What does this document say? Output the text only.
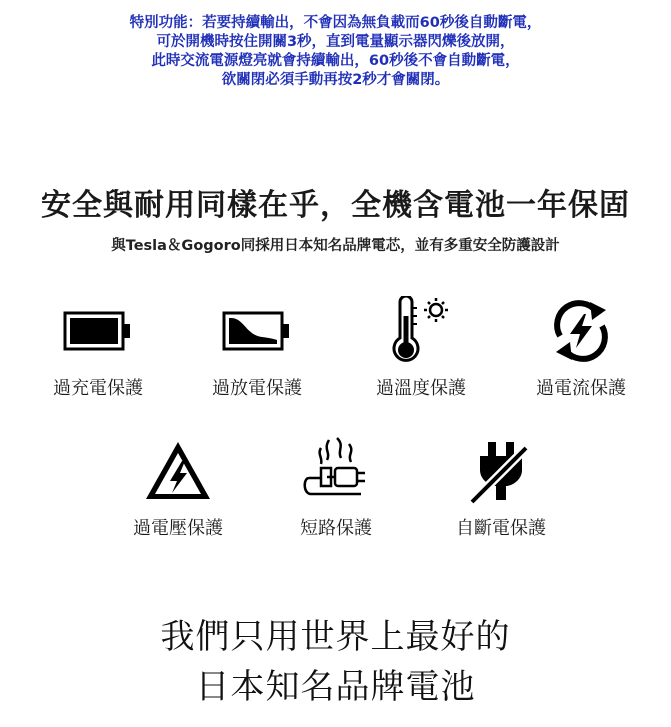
特別功能：若要持續輸出，不會因為無負載而60秒後自動斷電，
可於開機時按住開關3秒，直到電量顯示器閃爍後放開，
此時交流電源燈亮就會持續輸出，60秒後不會自動斷電，
欲關閉必須手動再按2秒才會關閉。
安全與耐用同樣在乎，全機含電池一年保固
與Tesla＆Gogoro同採用日本知名品牌電芯，並有多重安全防護設計
過充電保護	過放電保護	過溫度保護	過電流保護
過電壓保護	短路保護	自斷電保護
我們只用世界上最好的
日本知名品牌電池
